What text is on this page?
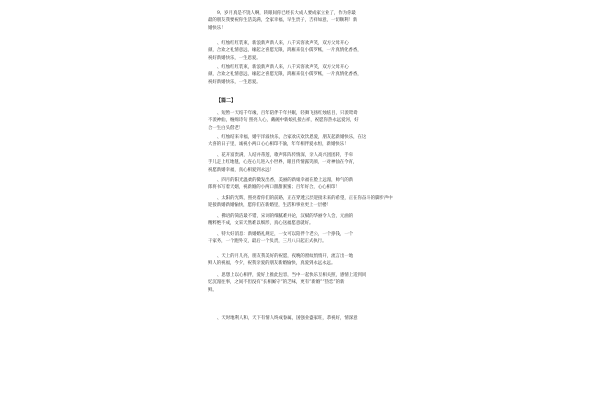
9、岁月真是不饶人啊，转眼间你已经长大成人要成家立业了，作为你最
最的朋友我要祝你生活美满，全家幸福，早生贵子，吉祥如意，一切顺利！新
婚快乐！
、红烛红红装束，新浪新声新人来，八千宾客欢声笑，双方父母开心
颜，合欢之礼情意远，缘起之喜愿无限，鸿雁来仪小儒罗帐，一片真情化香香，
祝好新婚快乐，一生恩爱。
、红烛红红装束，新浪新声新人来，八千宾客欢声笑，双方父母开心
颜，合欢之礼情意远，缘起之喜愿无限，鸿雁来仪小儒罗帐，一片真情化香香，
祝好新婚快乐，一生恩爱。
【篇二】
、短暂一天结千年缘，百年陪伴千年共眠，轻舞飞扬红烛炫目，只羡鸳鸯
不羡神仙，缠绵诗句 照亮人心，戴碗中新娘扎接古祥，祝愿你热永远爱河，好
合一生白头偕老！
、红烛结来幸福，婚宇洋溢快乐，合家欢庆欢饮恩爱，朋友起新婚快乐，在这
大喜的日子里，诚祝小两口心心相印不渝，年年相伴爱永恒，新婚快乐！
、花开富贵满，人结并蒂莲，歌声阵阵传情深，亲人高兴团团转，手牵
手儿走上红地毯，心连心儿进入小世界，眼目传情露笑颜，一对神仙在今宵，
祝愿新婚幸福，真心相爱到永远！
、四月的阳光温柔的微发出香，美丽的新娘幸福在脸上远漫，帅气的新
郎将书写着天姻，祝新婚的小两口甜甜蜜蜜；百年好合，心心相印！
、太阳的光辉，照亮着你们的前路，正在穿透云层迎接未来的希望，正在你奋斗的脚步声中
迎接新婚新婚愉快，愿你们在新婚里，生活和事业更上一层楼！
、佛语的简洁最不错，宋词的细腻难并论，汉赋的华丽令人会，元曲的
精粹绝不成，文采天然难以细形，真心送福愿意就好。
、特大好消息：新婚婚礼规定，一女可以陪伴个老公，一个挣钱，一个
干家务，一个跑外交，最后一个负责，三月八日起正式执行。
、天上的月儿亮，朋友我美好的祝愿，夜晚的窗纹悄悄开，流言出一地
鲜人的祝福，今夕，祝我亲爱的朋友新婚愉快，真爱到永远永远。
、思想上以心相伴，爱好上推此包容，当中一起快乐互相关照，感情上适到同
忆沉漫往事，之间不但没有“长相厮守”的乏味，更有“新婚”“热恋”的新
鲜。
、天时地利人和，天下有情人终成眷属，国强业盛家旺，恭祝好，情深意
